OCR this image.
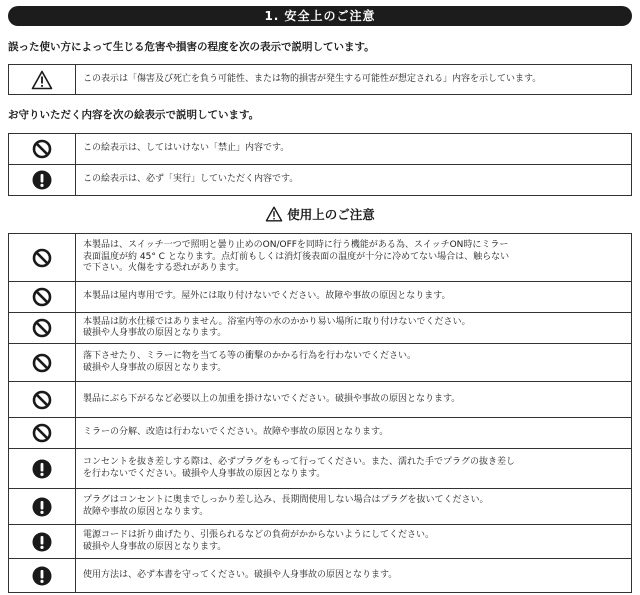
1. 安全上のご注意
誤った使い方によって生じる危害や損害の程度を次の表示で説明しています。
	この表示は「傷害及び死亡を負う可能性、または物的損害が発生する可能性が想定される」内容を示しています。
お守りいただく内容を次の絵表示で説明しています。
	この絵表示は、してはいけない「禁止」内容です。
	この絵表示は、必ず「実行」していただく内容です。
使用上のご注意

本製品は、スイッチ一つで照明と曇り止めのON/OFFを同時に行う機能がある為、スイッチON時にミラー
表面温度が約 45° C となります。点灯前もしくは消灯後表面の温度が十分に冷めてない場合は、触らない
で下さい。火傷をする恐れがあります。

本製品は屋内専用です。屋外には取り付けないでください。故障や事故の原因となります。

本製品は防水仕様ではありません。浴室内等の水のかかり易い場所に取り付けないでください。
破損や人身事故の原因となります。

落下させたり、ミラーに物を当てる等の衝撃のかかる行為を行わないでください。
破損や人身事故の原因となります。

製品にぶら下がるなど必要以上の加重を掛けないでください。破損や事故の原因となります。

ミラーの分解、改造は行わないでください。故障や事故の原因となります。

コンセントを抜き差しする際は、必ずプラグをもって行ってください。また、濡れた手でプラグの抜き差し
を行わないでください。破損や人身事故の原因となります。

プラグはコンセントに奥までしっかり差し込み、長期間使用しない場合はプラグを抜いてください。
故障や事故の原因となります。

電源コードは折り曲げたり、引張られるなどの負荷がかからないようにしてください。
破損や人身事故の原因となります。

使用方法は、必ず本書を守ってください。破損や人身事故の原因となります。
